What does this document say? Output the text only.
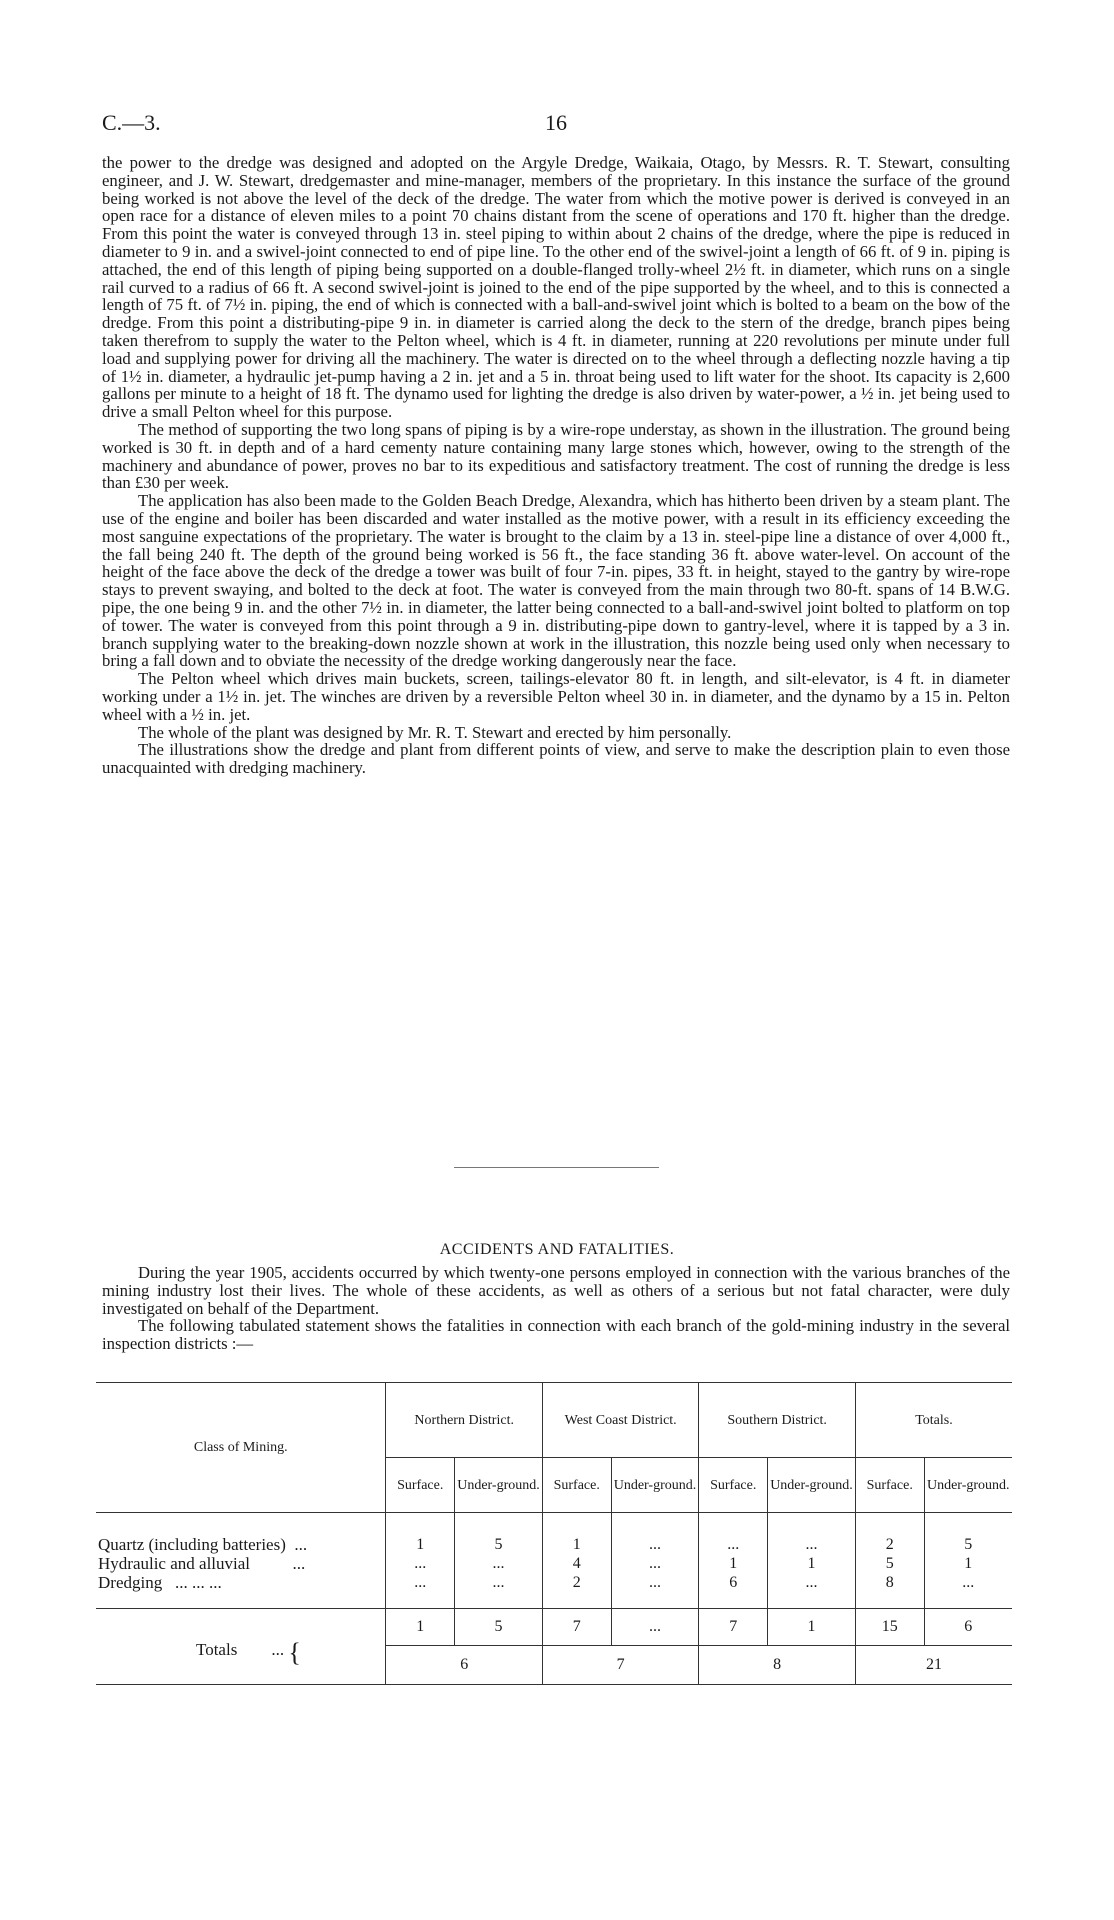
C.—3.	16

the power to the dredge was designed and adopted on the Argyle Dredge, Waikaia, Otago, by Messrs. R. T. Stewart, consulting engineer, and J. W. Stewart, dredgemaster and mine-manager, members of the proprietary. In this instance the surface of the ground being worked is not above the level of the deck of the dredge. The water from which the motive power is derived is conveyed in an open race for a distance of eleven miles to a point 70 chains distant from the scene of operations and 170 ft. higher than the dredge. From this point the water is conveyed through 13 in. steel piping to within about 2 chains of the dredge, where the pipe is reduced in diameter to 9 in. and a swivel-joint connected to end of pipe line. To the other end of the swivel-joint a length of 66 ft. of 9 in. piping is attached, the end of this length of piping being supported on a double-flanged trolly-wheel 2½ ft. in diameter, which runs on a single rail curved to a radius of 66 ft. A second swivel-joint is joined to the end of the pipe supported by the wheel, and to this is connected a length of 75 ft. of 7½ in. piping, the end of which is connected with a ball-and-swivel joint which is bolted to a beam on the bow of the dredge. From this point a distributing-pipe 9 in. in diameter is carried along the deck to the stern of the dredge, branch pipes being taken therefrom to supply the water to the Pelton wheel, which is 4 ft. in diameter, running at 220 revolutions per minute under full load and supplying power for driving all the machinery. The water is directed on to the wheel through a deflecting nozzle having a tip of 1½ in. diameter, a hydraulic jet-pump having a 2 in. jet and a 5 in. throat being used to lift water for the shoot. Its capacity is 2,600 gallons per minute to a height of 18 ft. The dynamo used for lighting the dredge is also driven by water-power, a ½ in. jet being used to drive a small Pelton wheel for this purpose.

The method of supporting the two long spans of piping is by a wire-rope understay, as shown in the illustration. The ground being worked is 30 ft. in depth and of a hard cementy nature containing many large stones which, however, owing to the strength of the machinery and abundance of power, proves no bar to its expeditious and satisfactory treatment. The cost of running the dredge is less than £30 per week.

The application has also been made to the Golden Beach Dredge, Alexandra, which has hitherto been driven by a steam plant. The use of the engine and boiler has been discarded and water installed as the motive power, with a result in its efficiency exceeding the most sanguine expectations of the proprietary. The water is brought to the claim by a 13 in. steel-pipe line a distance of over 4,000 ft., the fall being 240 ft. The depth of the ground being worked is 56 ft., the face standing 36 ft. above water-level. On account of the height of the face above the deck of the dredge a tower was built of four 7-in. pipes, 33 ft. in height, stayed to the gantry by wire-rope stays to prevent swaying, and bolted to the deck at foot. The water is conveyed from the main through two 80-ft. spans of 14 B.W.G. pipe, the one being 9 in. and the other 7½ in. in diameter, the latter being connected to a ball-and-swivel joint bolted to platform on top of tower. The water is conveyed from this point through a 9 in. distributing-pipe down to gantry-level, where it is tapped by a 3 in. branch supplying water to the breaking-down nozzle shown at work in the illustration, this nozzle being used only when necessary to bring a fall down and to obviate the necessity of the dredge working dangerously near the face.

The Pelton wheel which drives main buckets, screen, tailings-elevator 80 ft. in length, and silt-elevator, is 4 ft. in diameter working under a 1½ in. jet. The winches are driven by a reversible Pelton wheel 30 in. in diameter, and the dynamo by a 15 in. Pelton wheel with a ½ in. jet.

The whole of the plant was designed by Mr. R. T. Stewart and erected by him personally.

The illustrations show the dredge and plant from different points of view, and serve to make the description plain to even those unacquainted with dredging machinery.

ACCIDENTS AND FATALITIES.

During the year 1905, accidents occurred by which twenty-one persons employed in connection with the various branches of the mining industry lost their lives. The whole of these accidents, as well as others of a serious but not fatal character, were duly investigated on behalf of the Department.

The following tabulated statement shows the fatalities in connection with each branch of the gold-mining industry in the several inspection districts :—

Class of Mining.	Northern District.		West Coast District.		Southern District.		Totals.	
	Surface.	Under-ground.	Surface.	Under-ground.	Surface.	Under-ground.	Surface.	Under-ground.

Quartz (including batteries) ...	1	5	1	...	...	...	2	5
Hydraulic and alluvial ...	...	...	4	...	1	1	5	1
Dredging ... ... ...	...	...	2	...	6	...	8	...

Totals ... {	1	5	7	...	7	1	15	6
	6		7		8		21	
